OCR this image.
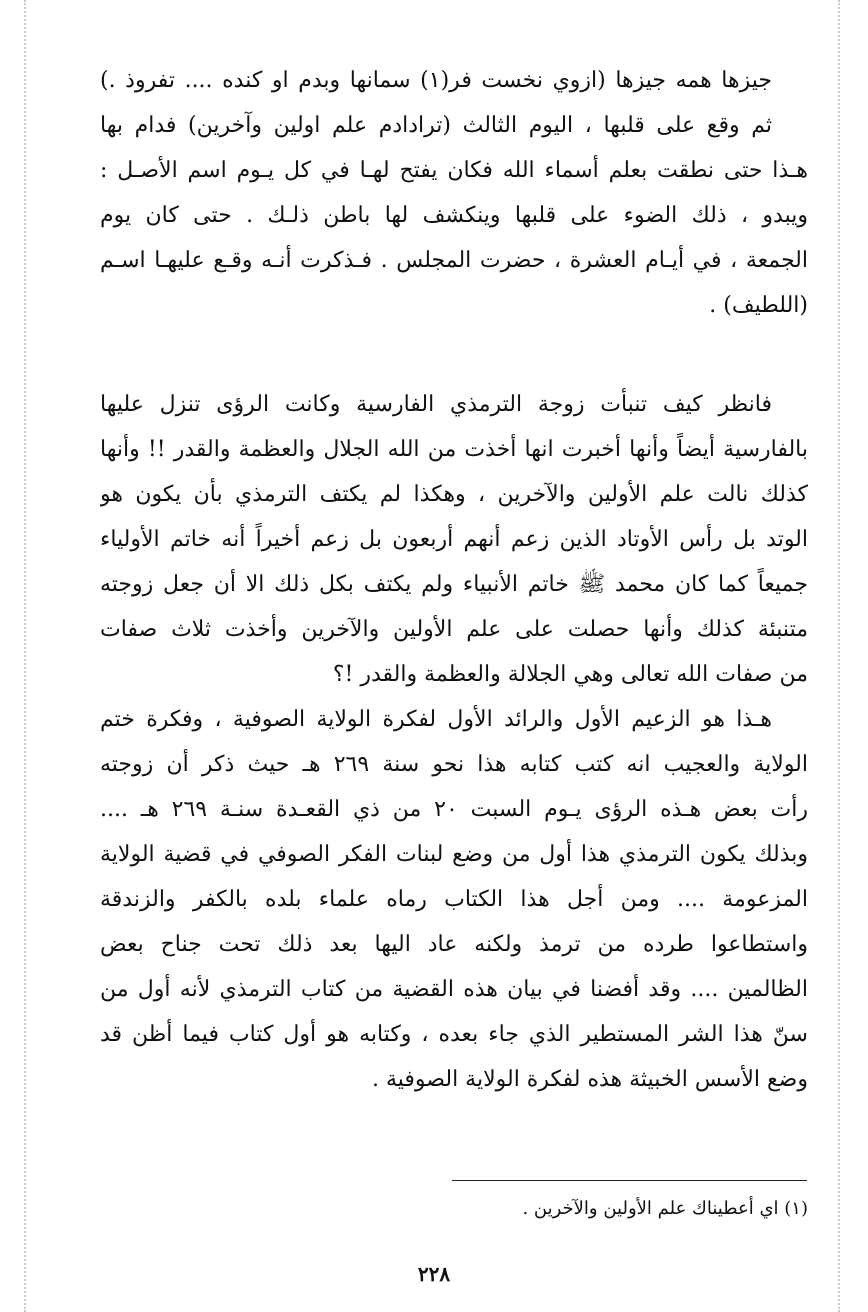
جيزها همه جيزها (ازوي نخست فر(١) سمانها وبدم او كنده .... تفروذ .)
ثم وقع على قلبها ، اليوم الثالث (ترادادم علم اولين وآخرين) فدام بها
هـذا حتى نطقت بعلم أسماء الله فكان يفتح لهـا في كل يـوم اسم الأصـل :
ويبدو ، ذلك الضوء على قلبها وينكشف لها باطن ذلـك . حتى كان يوم
الجمعة ، في أيـام العشرة ، حضرت المجلس . فـذكرت أنـه وقـع عليهـا اسـم
(اللطيف) .
فانظر كيف تنبأت زوجة الترمذي الفارسية وكانت الرؤى تنزل عليها
بالفارسية أيضاً وأنها أخبرت انها أخذت من الله الجلال والعظمة والقدر !! وأنها
كذلك نالت علم الأولين والآخرين ، وهكذا لم يكتف الترمذي بأن يكون هو
الوتد بل رأس الأوتاد الذين زعم أنهم أربعون بل زعم أخيراً أنه خاتم الأولياء
جميعاً كما كان محمد ﷺ خاتم الأنبياء ولم يكتف بكل ذلك الا أن جعل زوجته
متنبئة كذلك وأنها حصلت على علم الأولين والآخرين وأخذت ثلاث صفات
من صفات الله تعالى وهي الجلالة والعظمة والقدر !؟
هـذا هو الزعيم الأول والرائد الأول لفكرة الولاية الصوفية ، وفكرة ختم
الولاية والعجيب انه كتب كتابه هذا نحو سنة ٢٦٩ هـ حيث ذكر أن زوجته
رأت بعض هـذه الرؤى يـوم السبت ٢٠ من ذي القعـدة سنـة ٢٦٩ هـ ....
وبذلك يكون الترمذي هذا أول من وضع لبنات الفكر الصوفي في قضية الولاية
المزعومة .... ومن أجل هذا الكتاب رماه علماء بلده بالكفر والزندقة
واستطاعوا طرده من ترمذ ولكنه عاد اليها بعد ذلك تحت جناح بعض
الظالمين .... وقد أفضنا في بيان هذه القضية من كتاب الترمذي لأنه أول من
سنّ هذا الشر المستطير الذي جاء بعده ، وكتابه هو أول كتاب فيما أظن قد
وضع الأسس الخبيثة هذه لفكرة الولاية الصوفية .
(١) اي أعطيناك علم الأولين والآخرين .
٢٢٨
